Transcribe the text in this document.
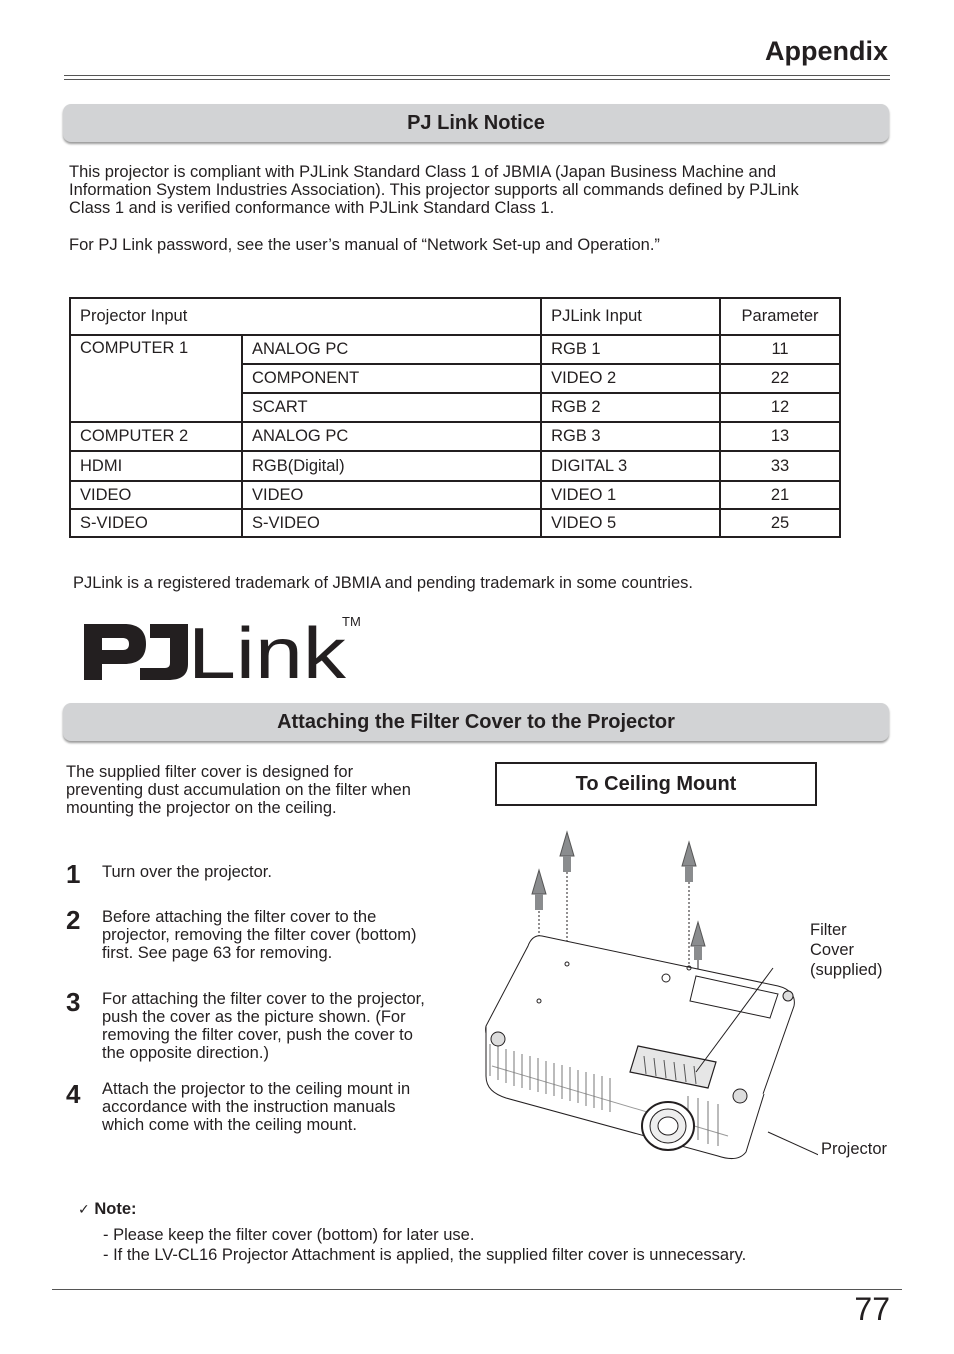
Appendix
PJ Link Notice
This projector is compliant with PJLink Standard Class 1 of JBMIA (Japan Business Machine and
Information System Industries Association). This projector supports all commands defined by PJLink
Class 1 and is verified conformance with PJLink Standard Class 1.
For PJ Link password, see the user’s manual of “Network Set-up and Operation.”
Projector Input		PJLink Input	Parameter
COMPUTER 1	ANALOG PC	RGB 1	11
	COMPONENT	VIDEO 2	22
	SCART	RGB 2	12
COMPUTER 2	ANALOG PC	RGB 3	13
HDMI	RGB(Digital)	DIGITAL 3	33
VIDEO	VIDEO	VIDEO 1	21
S-VIDEO	S-VIDEO	VIDEO 5	25
PJLink is a registered trademark of JBMIA and pending trademark in some countries.
Link
TM
Attaching the Filter Cover to the Projector
The supplied filter cover is designed for
preventing dust accumulation on the filter when
mounting the projector on the ceiling.
To Ceiling Mount
1 Turn over the projector.
2 Before attaching the filter cover to the
projector, removing the filter cover (bottom)
first. See page 63 for removing.
3 For attaching the filter cover to the projector,
push the cover as the picture shown. (For
removing the filter cover, push the cover to
the opposite direction.)
4 Attach the projector to the ceiling mount in
accordance with the instruction manuals
which come with the ceiling mount.
Filter
Cover
(supplied)
Projector
✓ Note:
- Please keep the filter cover (bottom) for later use.
- If the LV-CL16 Projector Attachment is applied, the supplied filter cover is unnecessary.
77
